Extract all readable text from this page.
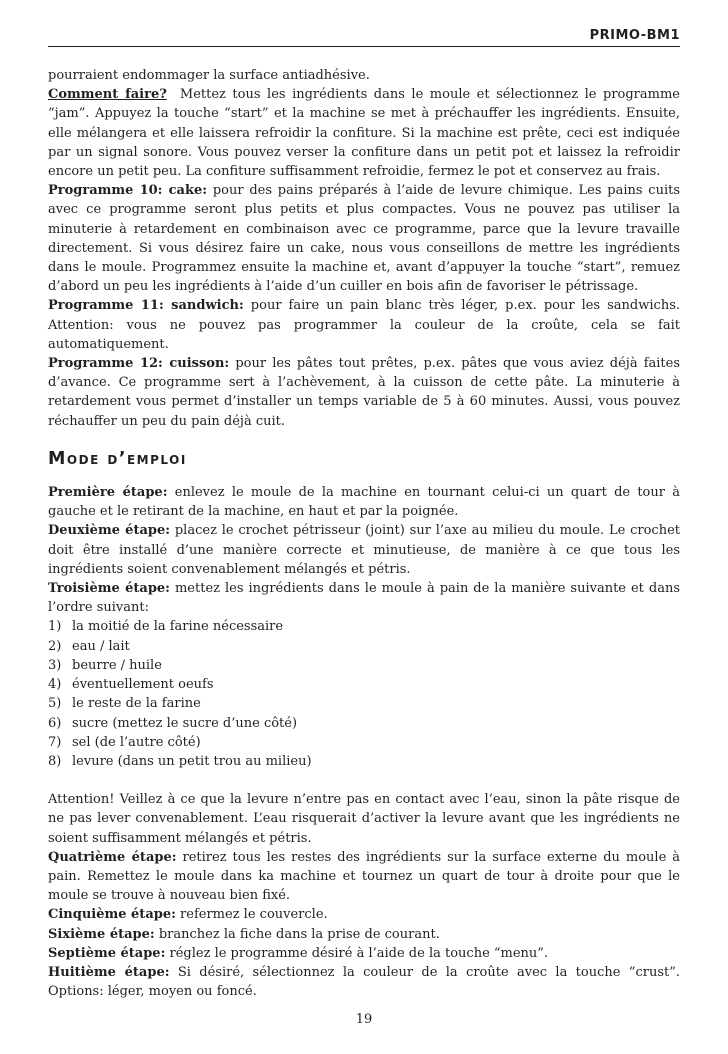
PRIMO-BM1

pourraient endommager la surface antiadhésive.

Comment faire? Mettez tous les ingrédients dans le moule et sélectionnez le programme “jam”. Appuyez la touche “start” et la machine se met à préchauffer les ingrédients. Ensuite, elle mélangera et elle laissera refroidir la confiture. Si la machine est prête, ceci est indiquée par un signal sonore. Vous pouvez verser la confiture dans un petit pot et laissez la refroidir encore un petit peu. La confiture suffisamment refroidie, fermez le pot et conservez au frais.

Programme 10: cake: pour des pains préparés à l’aide de levure chimique. Les pains cuits avec ce programme seront plus petits et plus compactes. Vous ne pouvez pas utiliser la minuterie à retardement en combinaison avec ce programme, parce que la levure travaille directement. Si vous désirez faire un cake, nous vous conseillons de mettre les ingrédients dans le moule. Programmez ensuite la machine et, avant d’appuyer la touche “start”, remuez d’abord un peu les ingrédients à l’aide d’un cuiller en bois afin de favoriser le pétrissage.

Programme 11: sandwich: pour faire un pain blanc très léger, p.ex. pour les sandwichs. Attention: vous ne pouvez pas programmer la couleur de la croûte, cela se fait automatiquement.

Programme 12: cuisson: pour les pâtes tout prêtes, p.ex. pâtes que vous aviez déjà faites d’avance. Ce programme sert à l’achèvement, à la cuisson de cette pâte. La minuterie à retardement vous permet d’installer un temps variable de 5 à 60 minutes. Aussi, vous pouvez réchauffer un peu du pain déjà cuit.

Mode d’emploi

Première étape: enlevez le moule de la machine en tournant celui-ci un quart de tour à gauche et le retirant de la machine, en haut et par la poignée.

Deuxième étape: placez le crochet pétrisseur (joint) sur l’axe au milieu du moule. Le crochet doit être installé d’une manière correcte et minutieuse, de manière à ce que tous les ingrédients soient convenablement mélangés et pétris.

Troisième étape: mettez les ingrédients dans le moule à pain de la manière suivante et dans l’ordre suivant:

1) la moitié de la farine nécessaire
2) eau / lait
3) beurre / huile
4) éventuellement oeufs
5) le reste de la farine
6) sucre (mettez le sucre d’une côté)
7) sel (de l’autre côté)
8) levure (dans un petit trou au milieu)

Attention! Veillez à ce que la levure n’entre pas en contact avec l’eau, sinon la pâte risque de ne pas lever convenablement. L’eau risquerait d’activer la levure avant que les ingrédients ne soient suffisamment mélangés et pétris.

Quatrième étape: retirez tous les restes des ingrédients sur la surface externe du moule à pain. Remettez le moule dans ka machine et tournez un quart de tour à droite pour que le moule se trouve à nouveau bien fixé.

Cinquième étape: refermez le couvercle.

Sixième étape: branchez la fiche dans la prise de courant.

Septième étape: réglez le programme désiré à l’aide de la touche “menu”.

Huitième étape: Si désiré, sélectionnez la couleur de la croûte avec la touche “crust”. Options: léger, moyen ou foncé.

19
